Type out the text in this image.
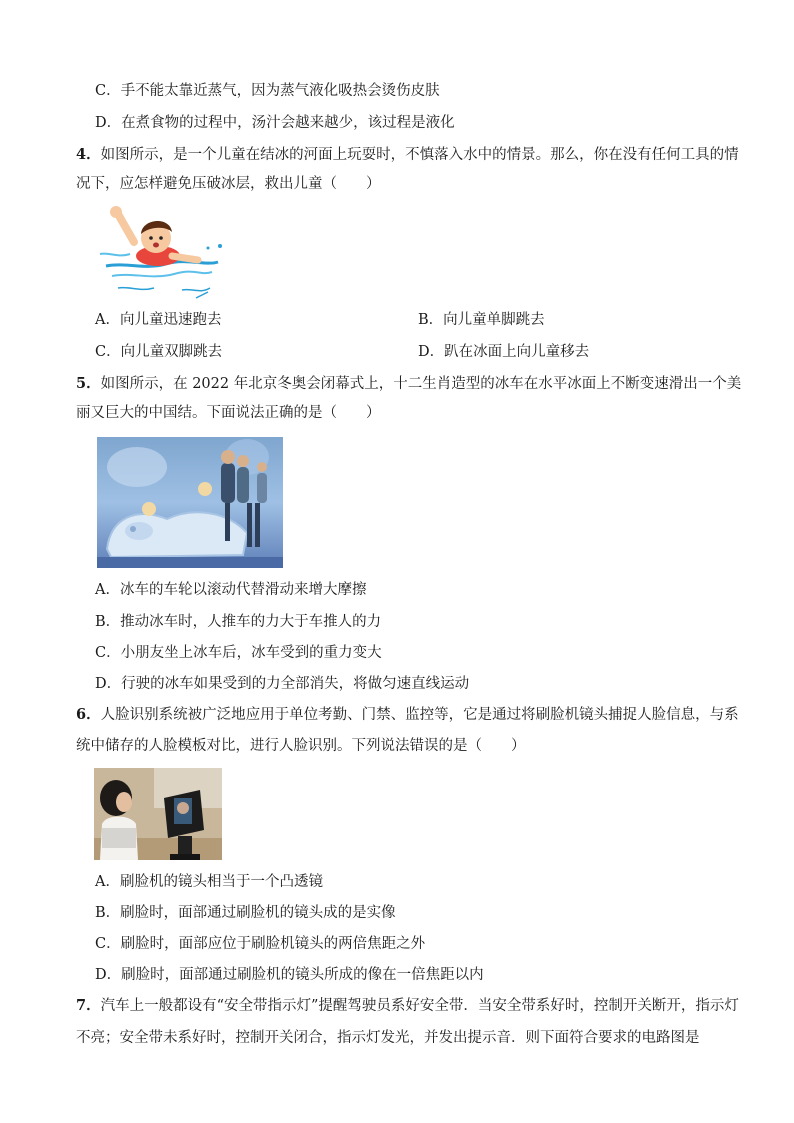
C．手不能太靠近蒸气，因为蒸气液化吸热会烫伤皮肤
D．在煮食物的过程中，汤汁会越来越少，该过程是液化
4．如图所示，是一个儿童在结冰的河面上玩耍时，不慎落入水中的情景。那么，你在没有任何工具的情
况下，应怎样避免压破冰层，救出儿童（　　）
A．向儿童迅速跑去	B．向儿童单脚跳去
C．向儿童双脚跳去	D．趴在冰面上向儿童移去
5．如图所示，在 2022 年北京冬奥会闭幕式上，十二生肖造型的冰车在水平冰面上不断变速滑出一个美
丽又巨大的中国结。下面说法正确的是（　　）
A．冰车的车轮以滚动代替滑动来增大摩擦
B．推动冰车时，人推车的力大于车推人的力
C．小朋友坐上冰车后，冰车受到的重力变大
D．行驶的冰车如果受到的力全部消失，将做匀速直线运动
6．人脸识别系统被广泛地应用于单位考勤、门禁、监控等，它是通过将刷脸机镜头捕捉人脸信息，与系
统中储存的人脸模板对比，进行人脸识别。下列说法错误的是（　　）
A．刷脸机的镜头相当于一个凸透镜
B．刷脸时，面部通过刷脸机的镜头成的是实像
C．刷脸时，面部应位于刷脸机镜头的两倍焦距之外
D．刷脸时，面部通过刷脸机的镜头所成的像在一倍焦距以内
7．汽车上一般都设有“安全带指示灯”提醒驾驶员系好安全带．当安全带系好时，控制开关断开，指示灯
不亮；安全带未系好时，控制开关闭合，指示灯发光，并发出提示音．则下面符合要求的电路图是
